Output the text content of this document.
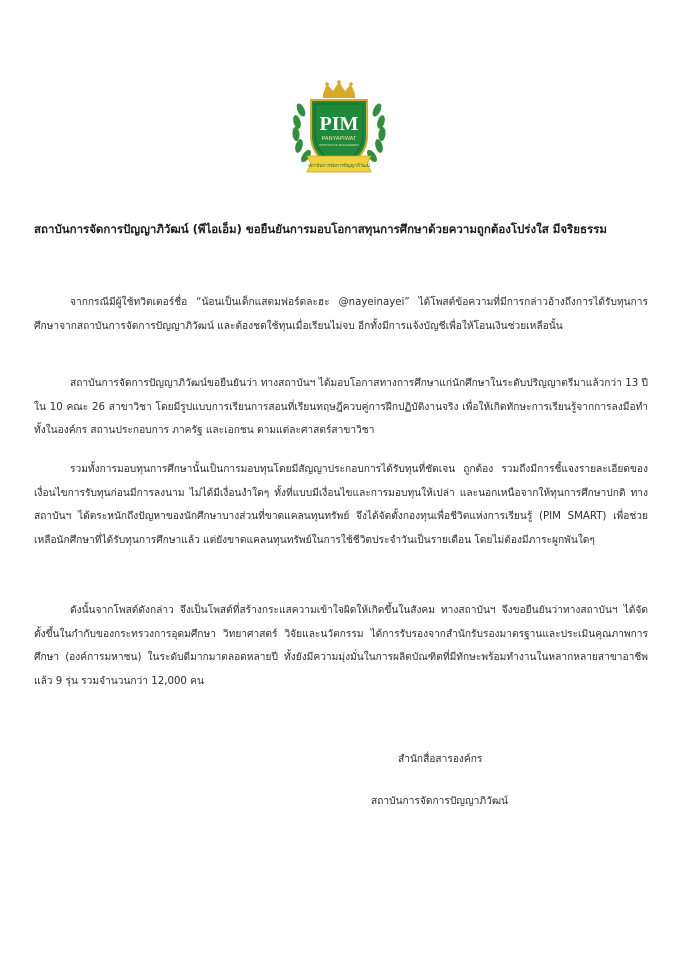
PIM
PANYAPIWAT
INSTITUTE OF MANAGEMENT
สถาบันการจัดการปัญญาภิวัฒน์
สถาบันการจัดการปัญญาภิวัฒน์ (พีไอเอ็ม) ขอยืนยันการมอบโอกาสทุนการศึกษาด้วยความถูกต้องโปร่งใส มีจริยธรรม

จากกรณีมีผู้ใช้ทวิตเตอร์ชื่อ “น้อนเป็นเด็กแสตมฟอร์ดละฮะ @nayeinayei” ได้โพสต์ข้อความที่มีการกล่าวอ้างถึงการได้รับทุนการศึกษาจากสถาบันการจัดการปัญญาภิวัฒน์ และต้องชดใช้ทุนเมื่อเรียนไม่จบ อีกทั้งมีการแจ้งบัญชีเพื่อให้โอนเงินช่วยเหลือนั้น

สถาบันการจัดการปัญญาภิวัฒน์ขอยืนยันว่า ทางสถาบันฯ ได้มอบโอกาสทางการศึกษาแก่นักศึกษาในระดับปริญญาตรีมาแล้วกว่า 13 ปี ใน 10 คณะ 26 สาขาวิชา โดยมีรูปแบบการเรียนการสอนที่เรียนทฤษฎีควบคู่การฝึกปฏิบัติงานจริง เพื่อให้เกิดทักษะการเรียนรู้จากการลงมือทำ ทั้งในองค์กร สถานประกอบการ ภาครัฐ และเอกชน ตามแต่ละศาสตร์สาขาวิชา

รวมทั้งการมอบทุนการศึกษานั้นเป็นการมอบทุนโดยมีสัญญาประกอบการได้รับทุนที่ชัดเจน ถูกต้อง รวมถึงมีการชี้แจงรายละเอียดของเงื่อนไขการรับทุนก่อนมีการลงนาม ไม่ได้มีเงื่อนงำใดๆ ทั้งที่แบบมีเงื่อนไขและการมอบทุนให้เปล่า และนอกเหนือจากให้ทุนการศึกษาปกติ ทางสถาบันฯ ได้ตระหนักถึงปัญหาของนักศึกษาบางส่วนที่ขาดแคลนทุนทรัพย์ จึงได้จัดตั้งกองทุนเพื่อชีวิตแห่งการเรียนรู้ (PIM SMART) เพื่อช่วยเหลือนักศึกษาที่ได้รับทุนการศึกษาแล้ว แต่ยังขาดแคลนทุนทรัพย์ในการใช้ชีวิตประจำวันเป็นรายเดือน โดยไม่ต้องมีภาระผูกพันใดๆ

ดังนั้นจากโพสต์ดังกล่าว จึงเป็นโพสต์ที่สร้างกระแสความเข้าใจผิดให้เกิดขึ้นในสังคม ทางสถาบันฯ จึงขอยืนยันว่าทางสถาบันฯ ได้จัดตั้งขึ้นในกำกับของกระทรวงการอุดมศึกษา วิทยาศาสตร์ วิจัยและนวัตกรรม ได้การรับรองจากสำนักรับรองมาตรฐานและประเมินคุณภาพการศึกษา (องค์การมหาชน) ในระดับดีมากมาตลอดหลายปี ทั้งยังมีความมุ่งมั่นในการผลิตบัณฑิตที่มีทักษะพร้อมทำงานในหลากหลายสาขาอาชีพแล้ว 9 รุ่น รวมจำนวนกว่า 12,000 คน

สำนักสื่อสารองค์กร
สถาบันการจัดการปัญญาภิวัฒน์
